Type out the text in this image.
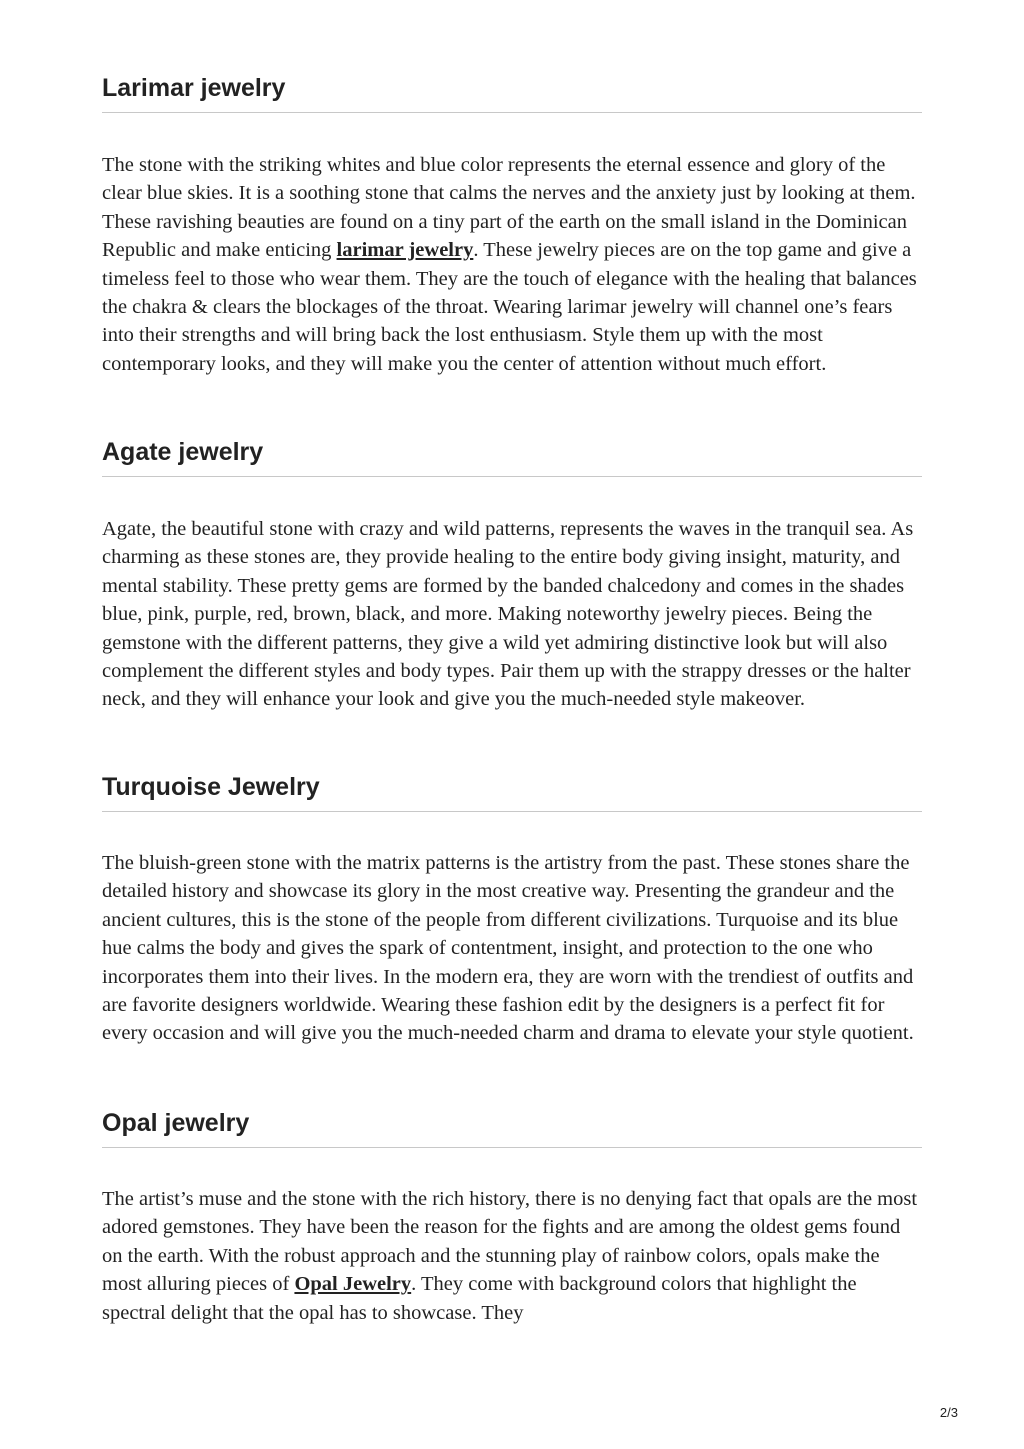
Larimar jewelry

The stone with the striking whites and blue color represents the eternal essence and glory of the clear blue skies. It is a soothing stone that calms the nerves and the anxiety just by looking at them. These ravishing beauties are found on a tiny part of the earth on the small island in the Dominican Republic and make enticing larimar jewelry. These jewelry pieces are on the top game and give a timeless feel to those who wear them. They are the touch of elegance with the healing that balances the chakra & clears the blockages of the throat. Wearing larimar jewelry will channel one’s fears into their strengths and will bring back the lost enthusiasm. Style them up with the most contemporary looks, and they will make you the center of attention without much effort.

Agate jewelry

Agate, the beautiful stone with crazy and wild patterns, represents the waves in the tranquil sea. As charming as these stones are, they provide healing to the entire body giving insight, maturity, and mental stability. These pretty gems are formed by the banded chalcedony and comes in the shades blue, pink, purple, red, brown, black, and more. Making noteworthy jewelry pieces. Being the gemstone with the different patterns, they give a wild yet admiring distinctive look but will also complement the different styles and body types. Pair them up with the strappy dresses or the halter neck, and they will enhance your look and give you the much-needed style makeover.

Turquoise Jewelry

The bluish-green stone with the matrix patterns is the artistry from the past. These stones share the detailed history and showcase its glory in the most creative way. Presenting the grandeur and the ancient cultures, this is the stone of the people from different civilizations. Turquoise and its blue hue calms the body and gives the spark of contentment, insight, and protection to the one who incorporates them into their lives. In the modern era, they are worn with the trendiest of outfits and are favorite designers worldwide. Wearing these fashion edit by the designers is a perfect fit for every occasion and will give you the much-needed charm and drama to elevate your style quotient.

Opal jewelry

The artist’s muse and the stone with the rich history, there is no denying fact that opals are the most adored gemstones. They have been the reason for the fights and are among the oldest gems found on the earth. With the robust approach and the stunning play of rainbow colors, opals make the most alluring pieces of Opal Jewelry. They come with background colors that highlight the spectral delight that the opal has to showcase. They

2/3
